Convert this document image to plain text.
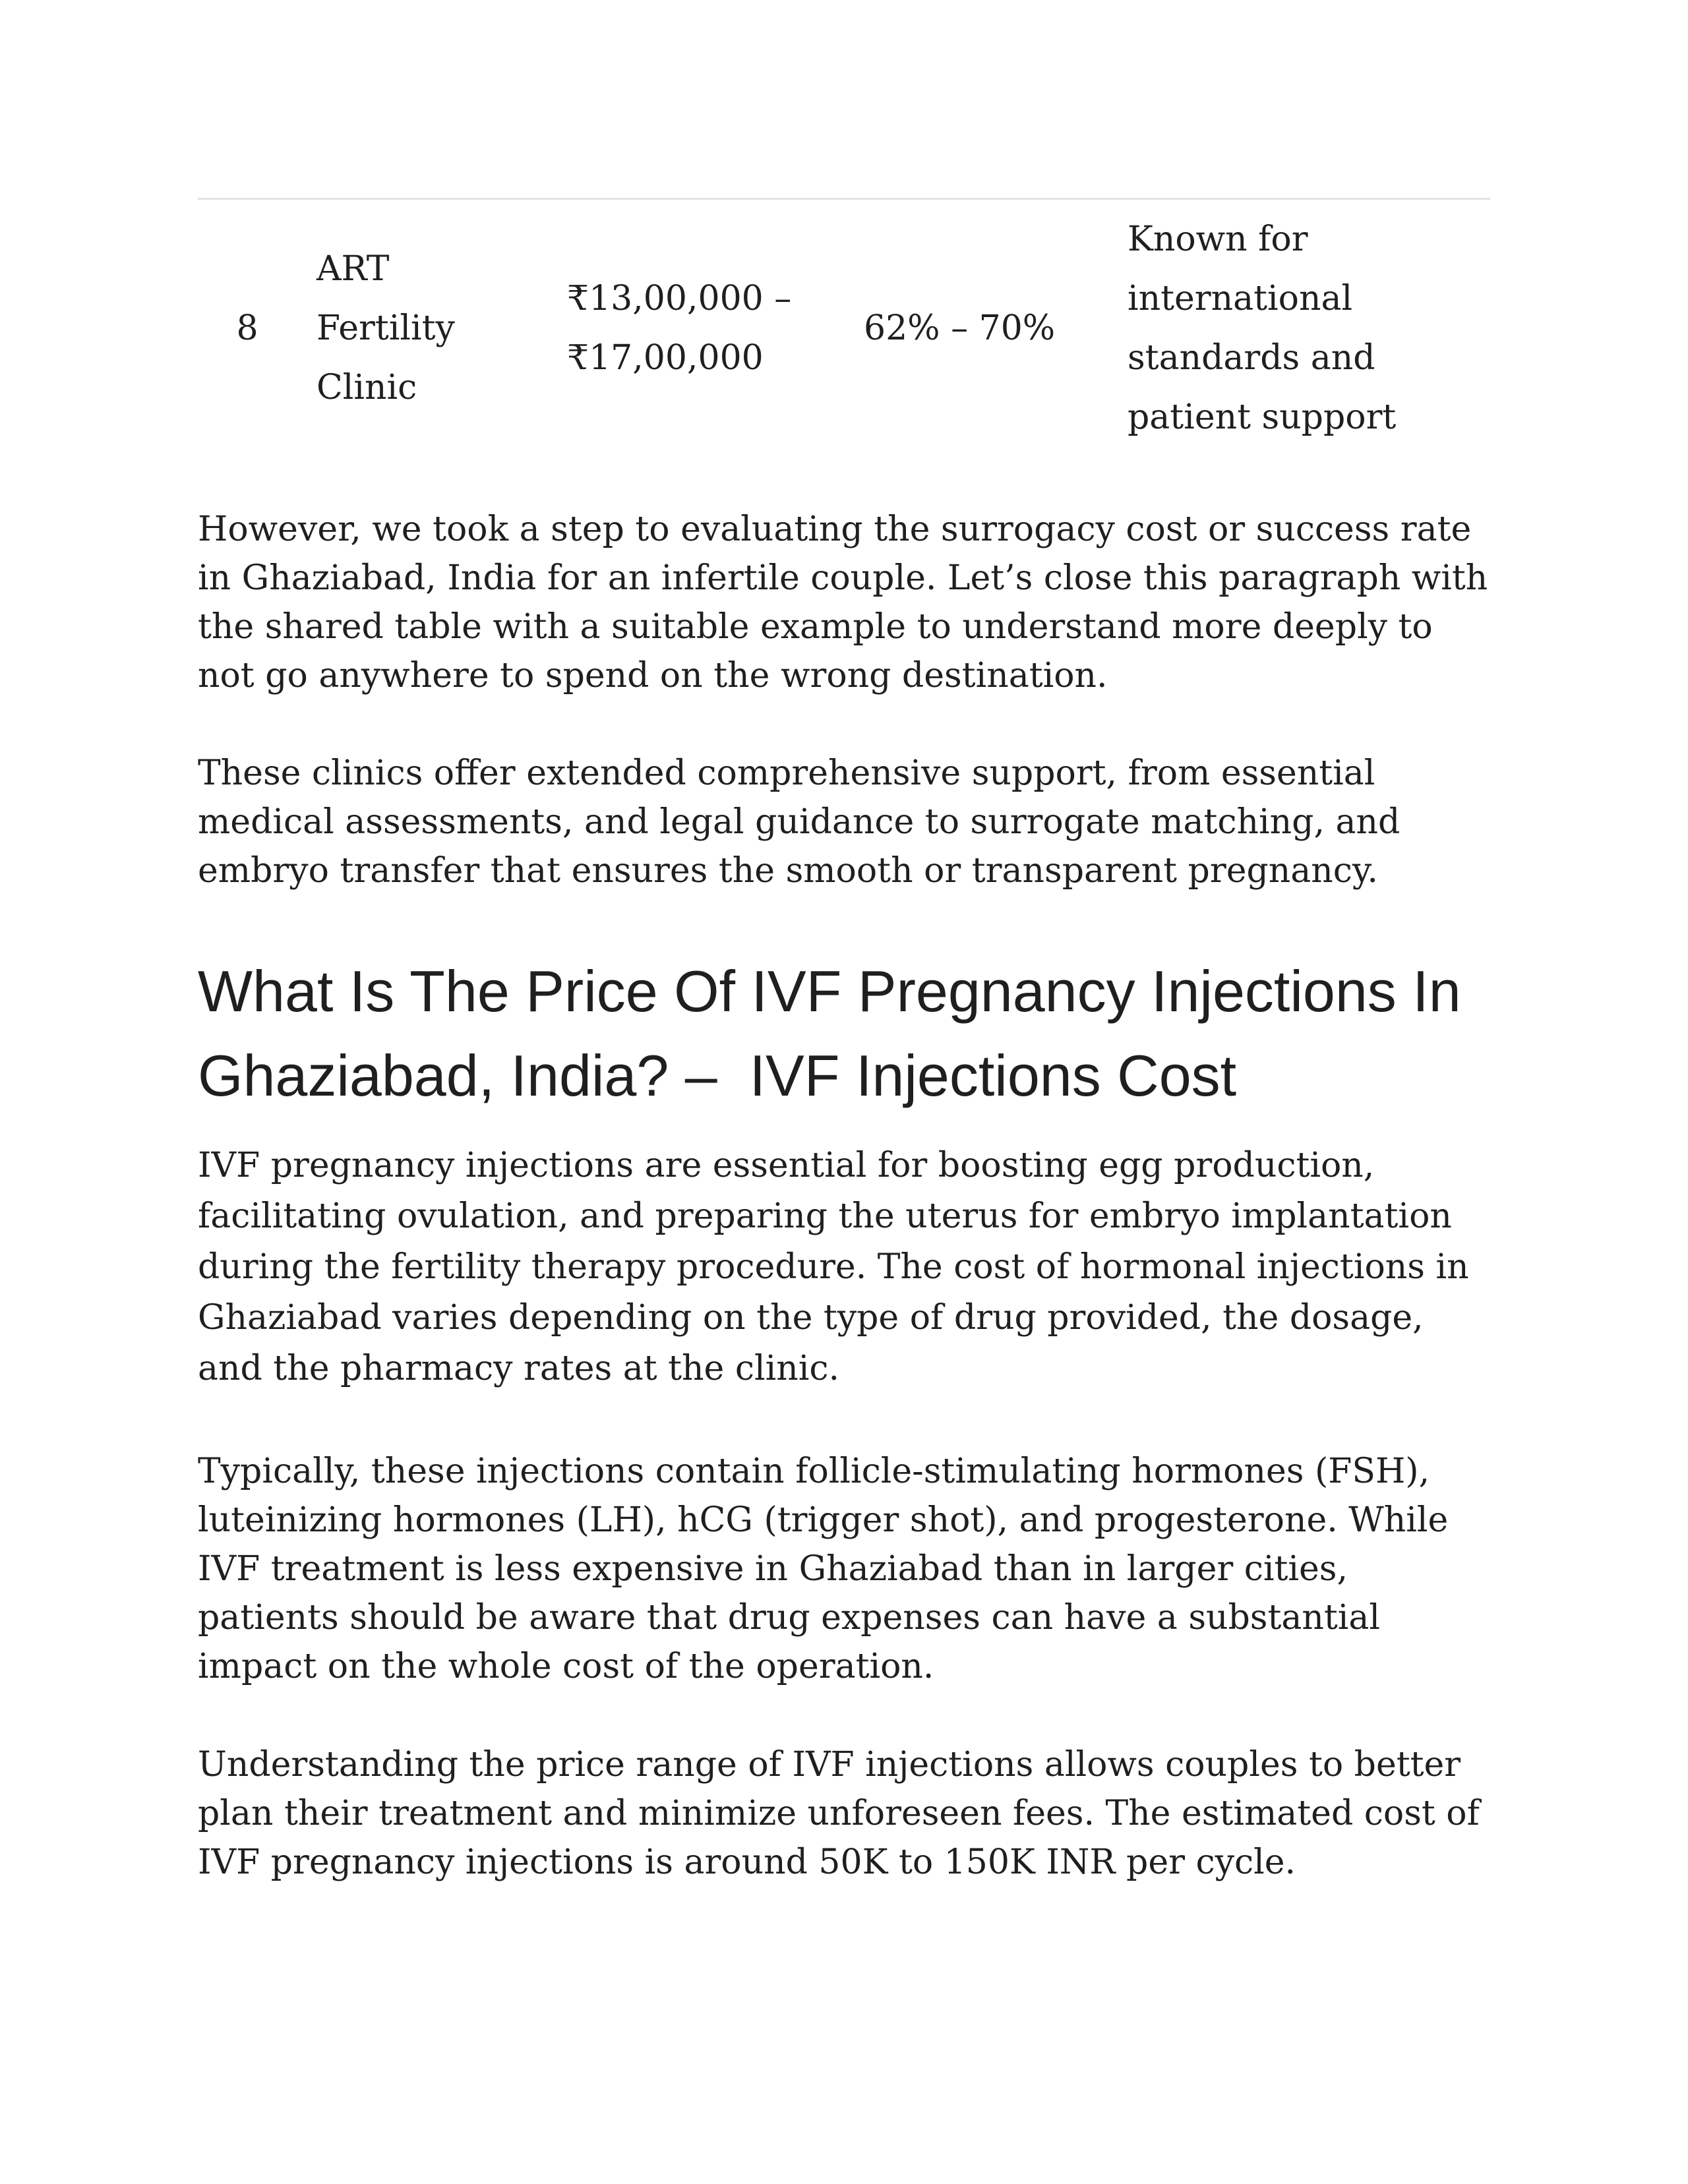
8
ART Fertility Clinic
₹13,00,000 – ₹17,00,000
62% – 70%
Known for international standards and patient support

However, we took a step to evaluating the surrogacy cost or success rate in Ghaziabad, India for an infertile couple. Let’s close this paragraph with the shared table with a suitable example to understand more deeply to not go anywhere to spend on the wrong destination.

These clinics offer extended comprehensive support, from essential medical assessments, and legal guidance to surrogate matching, and embryo transfer that ensures the smooth or transparent pregnancy.

What Is The Price Of IVF Pregnancy Injections In Ghaziabad, India? –  IVF Injections Cost

IVF pregnancy injections are essential for boosting egg production, facilitating ovulation, and preparing the uterus for embryo implantation during the fertility therapy procedure. The cost of hormonal injections in Ghaziabad varies depending on the type of drug provided, the dosage, and the pharmacy rates at the clinic.

Typically, these injections contain follicle-stimulating hormones (FSH), luteinizing hormones (LH), hCG (trigger shot), and progesterone. While IVF treatment is less expensive in Ghaziabad than in larger cities, patients should be aware that drug expenses can have a substantial impact on the whole cost of the operation.

Understanding the price range of IVF injections allows couples to better plan their treatment and minimize unforeseen fees. The estimated cost of IVF pregnancy injections is around 50K to 150K INR per cycle.
